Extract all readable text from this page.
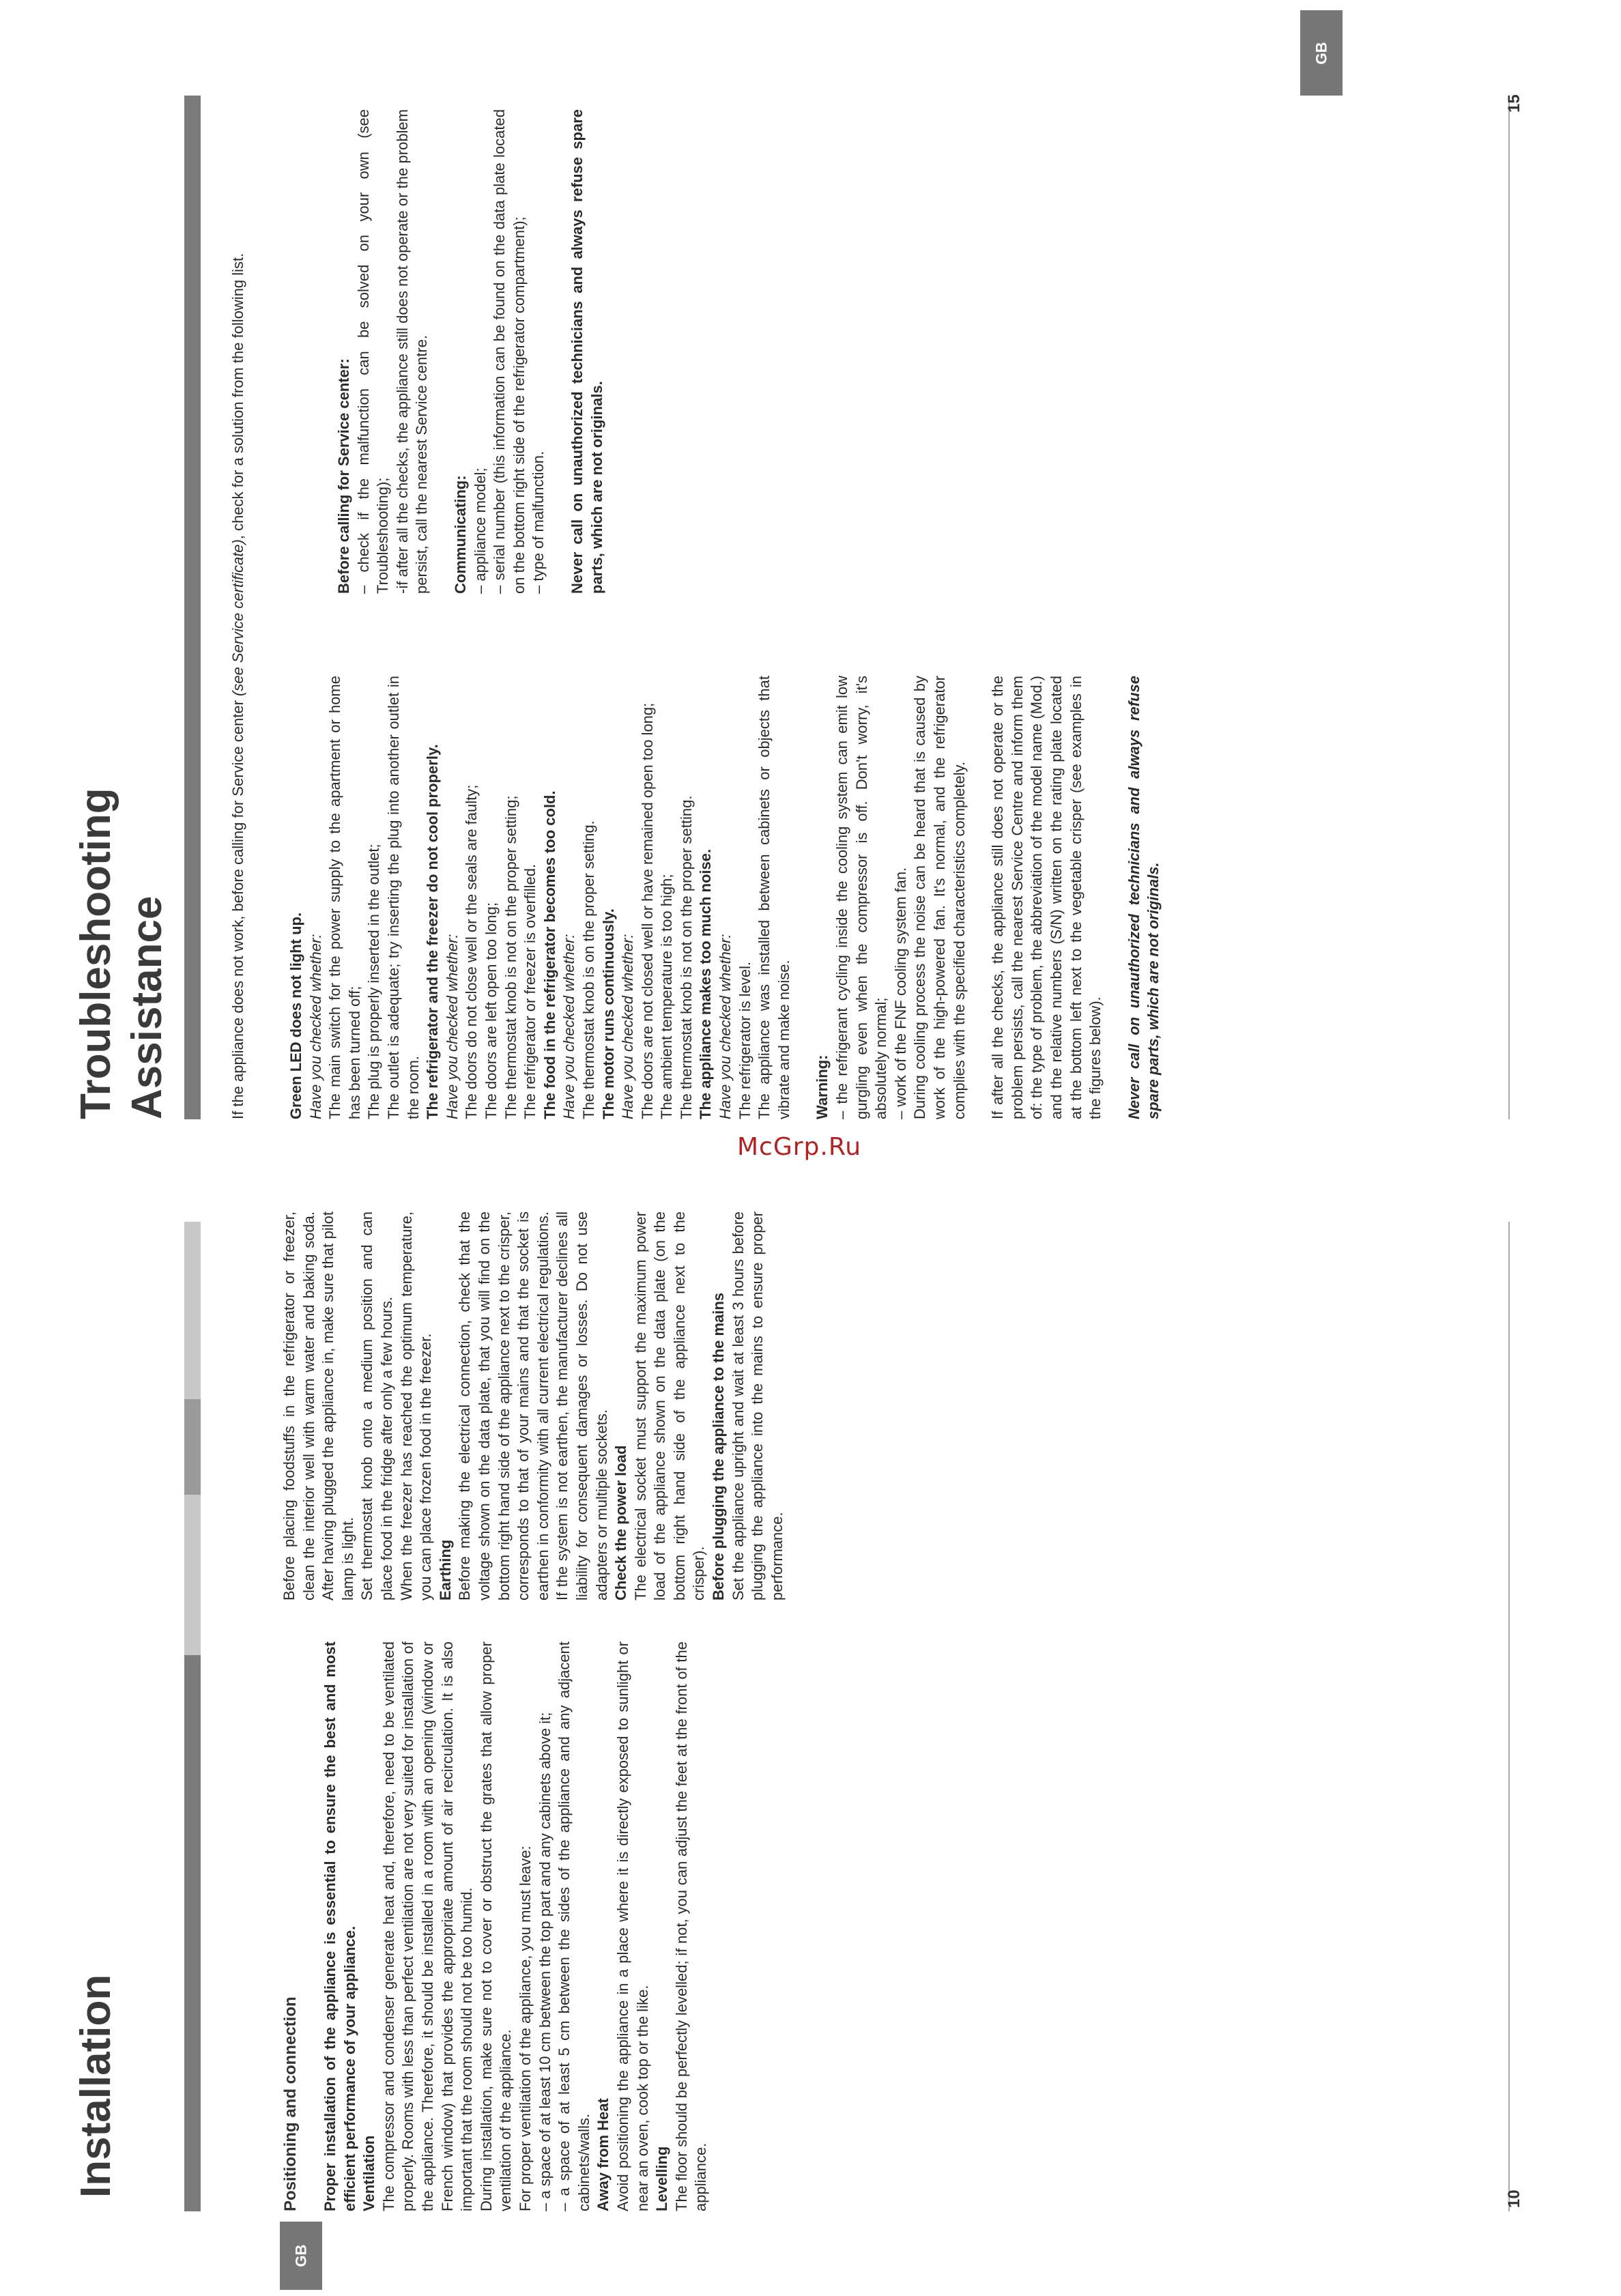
GB
GB
10
15
Installation
Troubleshooting Assistance
Positioning and connection Proper installation of the appliance is essential to ensure the best and most efficient performance of your appliance. Ventilation The compressor and condenser generate heat and, therefore, need to be ventilated properly. Rooms with less than perfect ventilation are not very suited for installation of the appliance. Therefore, it should be installed in a room with an opening (window or French window) that provides the appropriate amount of air recirculation. It is also important that the room should not be too humid. During installation, make sure not to cover or obstruct the grates that allow proper ventilation of the appliance. For proper ventilation of the appliance, you must leave: – a space of at least 10 cm between the top part and any cabinets above it; – a space of at least 5 cm between the sides of the appliance and any adjacent cabinets/walls. Away from Heat Avoid positioning the appliance in a place where it is directly exposed to sunlight or near an oven, cook top or the like. Levelling The floor should be perfectly levelled; if not, you can adjust the feet at the front of the appliance.
Before placing foodstuffs in the refrigerator or freezer, clean the interior well with warm water and baking soda. After having plugged the appliance in, make sure that pilot lamp is light. Set thermostat knob onto a medium position and can place food in the fridge after only a few hours. When the freezer has reached the optimum temperature, you can place frozen food in the freezer. Earthing Before making the electrical connection, check that the voltage shown on the data plate, that you will find on the bottom right hand side of the appliance next to the crisper, corresponds to that of your mains and that the socket is earthen in conformity with all current electrical regulations. If the system is not earthen, the manufacturer declines all liability for consequent damages or losses. Do not use adapters or multiple sockets. Check the power load The electrical socket must support the maximum power load of the appliance shown on the data plate (on the bottom right hand side of the appliance next to the crisper). Before plugging the appliance to the mains Set the appliance upright and wait at least 3 hours before plugging the appliance into the mains to ensure proper performance.
If the appliance does not work, before calling for Service center (see Service certificate), check for a solution from the following list.
Green LED does not light up. Have you checked whether: The main switch for the power supply to the apartment or home has been turned off; The plug is properly inserted in the outlet; The outlet is adequate; try inserting the plug into another outlet in the room. The refrigerator and the freezer do not cool properly. Have you checked whether: The doors do not close well or the seals are faulty; The doors are left open too long; The thermostat knob is not on the proper setting; The refrigerator or freezer is overfilled. The food in the refrigerator becomes too cold. Have you checked whether: The thermostat knob is on the proper setting. The motor runs continuously. Have you checked whether: The doors are not closed well or have remained open too long; The ambient temperature is too high; The thermostat knob is not on the proper setting. The appliance makes too much noise. Have you checked whether: The refrigerator is level. The appliance was installed between cabinets or objects that vibrate and make noise. Warning: – the refrigerant cycling inside the cooling system can emit low gurgling even when the compressor is off. Don't worry, it's absolutely normal; – work of the FNF cooling system fan. During cooling process the noise can be heard that is caused by work of the high-powered fan. It's normal, and the refrigerator complies with the specified characteristics completely. If after all the checks, the appliance still does not operate or the problem persists, call the nearest Service Centre and inform them of: the type of problem, the abbreviation of the model name (Mod.) and the relative numbers (S/N) written on the rating plate located at the bottom left next to the vegetable crisper (see examples in the figures below). Never call on unauthorized technicians and always refuse spare parts, which are not originals.
Before calling for Service center: – check if the malfunction can be solved on your own (see Troubleshooting); -if after all the checks, the appliance still does not operate or the problem persist, call the nearest Service centre. Communicating: – appliance model; – serial number (this information can be found on the data plate located on the bottom right side of the refrigerator compartment); – type of malfunction. Never call on unauthorized technicians and always refuse spare parts, which are not originals.
McGrp.Ru
